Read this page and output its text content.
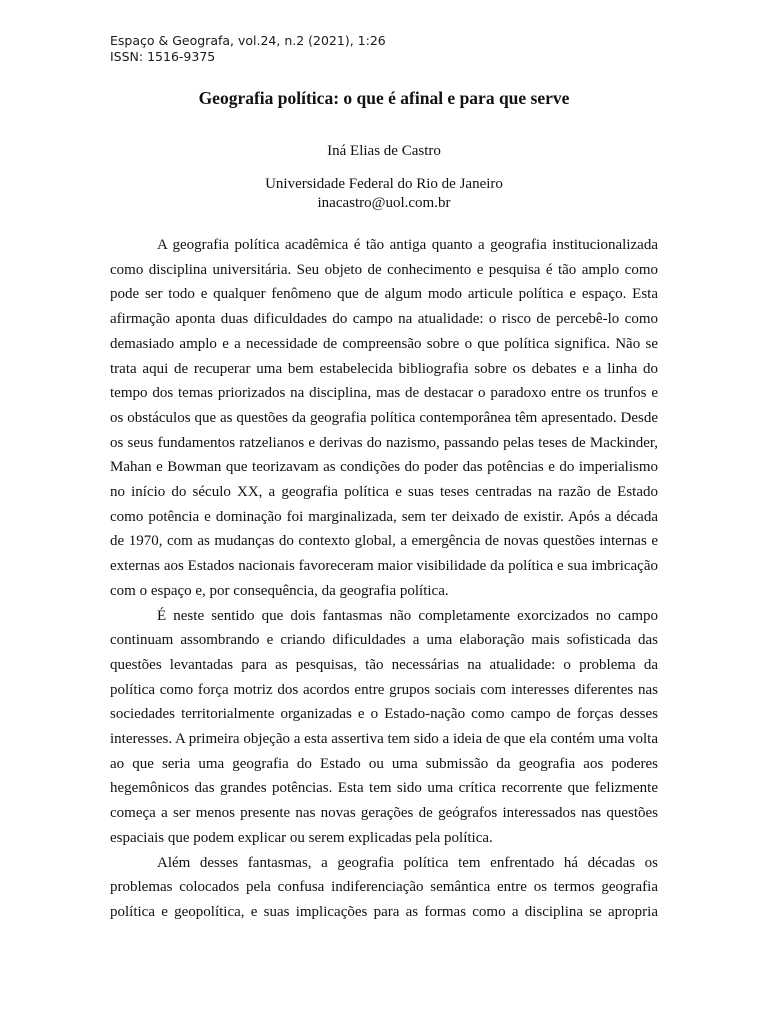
Espaço & Geografa, vol.24, n.2 (2021), 1:26
ISSN: 1516-9375
Geografia política: o que é afinal e para que serve
Iná Elias de Castro
Universidade Federal do Rio de Janeiro
inacastro@uol.com.br

A geografia política acadêmica é tão antiga quanto a geografia institucionalizada como disciplina universitária. Seu objeto de conhecimento e pesquisa é tão amplo como pode ser todo e qualquer fenômeno que de algum modo articule política e espaço. Esta afirmação aponta duas dificuldades do campo na atualidade: o risco de percebê-lo como demasiado amplo e a necessidade de compreensão sobre o que política significa. Não se trata aqui de recuperar uma bem estabelecida bibliografia sobre os debates e a linha do tempo dos temas priorizados na disciplina, mas de destacar o paradoxo entre os trunfos e os obstáculos que as questões da geografia política contemporânea têm apresentado. Desde os seus fundamentos ratzelianos e derivas do nazismo, passando pelas teses de Mackinder, Mahan e Bowman que teorizavam as condições do poder das potências e do imperialismo no início do século XX, a geografia política e suas teses centradas na razão de Estado como potência e dominação foi marginalizada, sem ter deixado de existir. Após a década de 1970, com as mudanças do contexto global, a emergência de novas questões internas e externas aos Estados nacionais favoreceram maior visibilidade da política e sua imbricação com o espaço e, por consequência, da geografia política.

É neste sentido que dois fantasmas não completamente exorcizados no campo continuam assombrando e criando dificuldades a uma elaboração mais sofisticada das questões levantadas para as pesquisas, tão necessárias na atualidade: o problema da política como força motriz dos acordos entre grupos sociais com interesses diferentes nas sociedades territorialmente organizadas e o Estado-nação como campo de forças desses interesses. A primeira objeção a esta assertiva tem sido a ideia de que ela contém uma volta ao que seria uma geografia do Estado ou uma submissão da geografia aos poderes hegemônicos das grandes potências. Esta tem sido uma crítica recorrente que felizmente começa a ser menos presente nas novas gerações de geógrafos interessados nas questões espaciais que podem explicar ou serem explicadas pela política.

Além desses fantasmas, a geografia política tem enfrentado há décadas os problemas colocados pela confusa indiferenciação semântica entre os termos geografia política e geopolítica, e suas implicações para as formas como a disciplina se apropria
